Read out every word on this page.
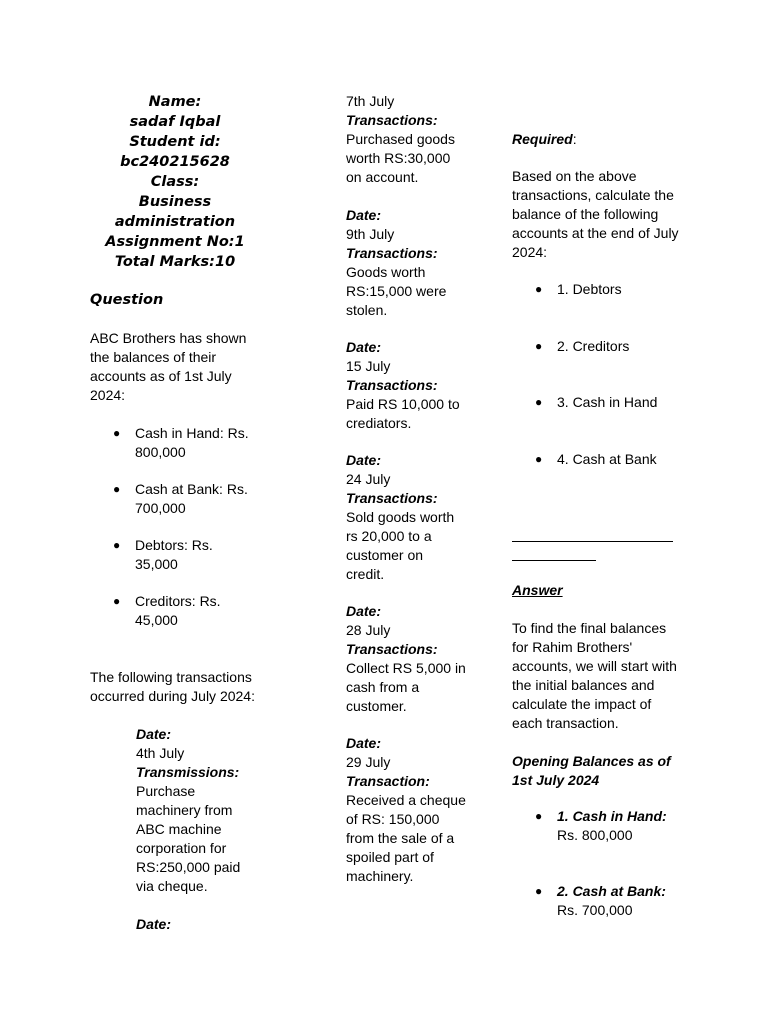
Name:
sadaf Iqbal
Student id:
bc240215628
Class:
Business
administration
Assignment No:1
Total Marks:10
Question

ABC Brothers has shown

the balances of their

accounts as of 1st July

2024:

● Cash in Hand: Rs.

800,000

● Cash at Bank: Rs.

700,000

● Debtors: Rs.

35,000

● Creditors: Rs.

45,000

The following transactions

occurred during July 2024:

Date:

4th July

Transmissions:

Purchase

machinery from

ABC machine

corporation for

RS:250,000 paid

via cheque.

Date:

7th July

Transactions:

Purchased goods

worth RS:30,000

on account.

Date:

9th July

Transactions:

Goods worth

RS:15,000 were

stolen.

Date:

15 July

Transactions:

Paid RS 10,000 to

crediators.

Date:

24 July

Transactions:

Sold goods worth

rs 20,000 to a

customer on

credit.

Date:

28 July

Transactions:

Collect RS 5,000 in

cash from a

customer.

Date:

29 July

Transaction:

Received a cheque

of RS: 150,000

from the sale of a

spoiled part of

machinery.

Required:

Based on the above

transactions, calculate the

balance of the following

accounts at the end of July

2024:

● 1. Debtors

● 2. Creditors

● 3. Cash in Hand

● 4. Cash at Bank

Answer

To find the final balances

for Rahim Brothers'

accounts, we will start with

the initial balances and

calculate the impact of

each transaction.

Opening Balances as of

1st July 2024

● 1. Cash in Hand:

Rs. 800,000

● 2. Cash at Bank:

Rs. 700,000
